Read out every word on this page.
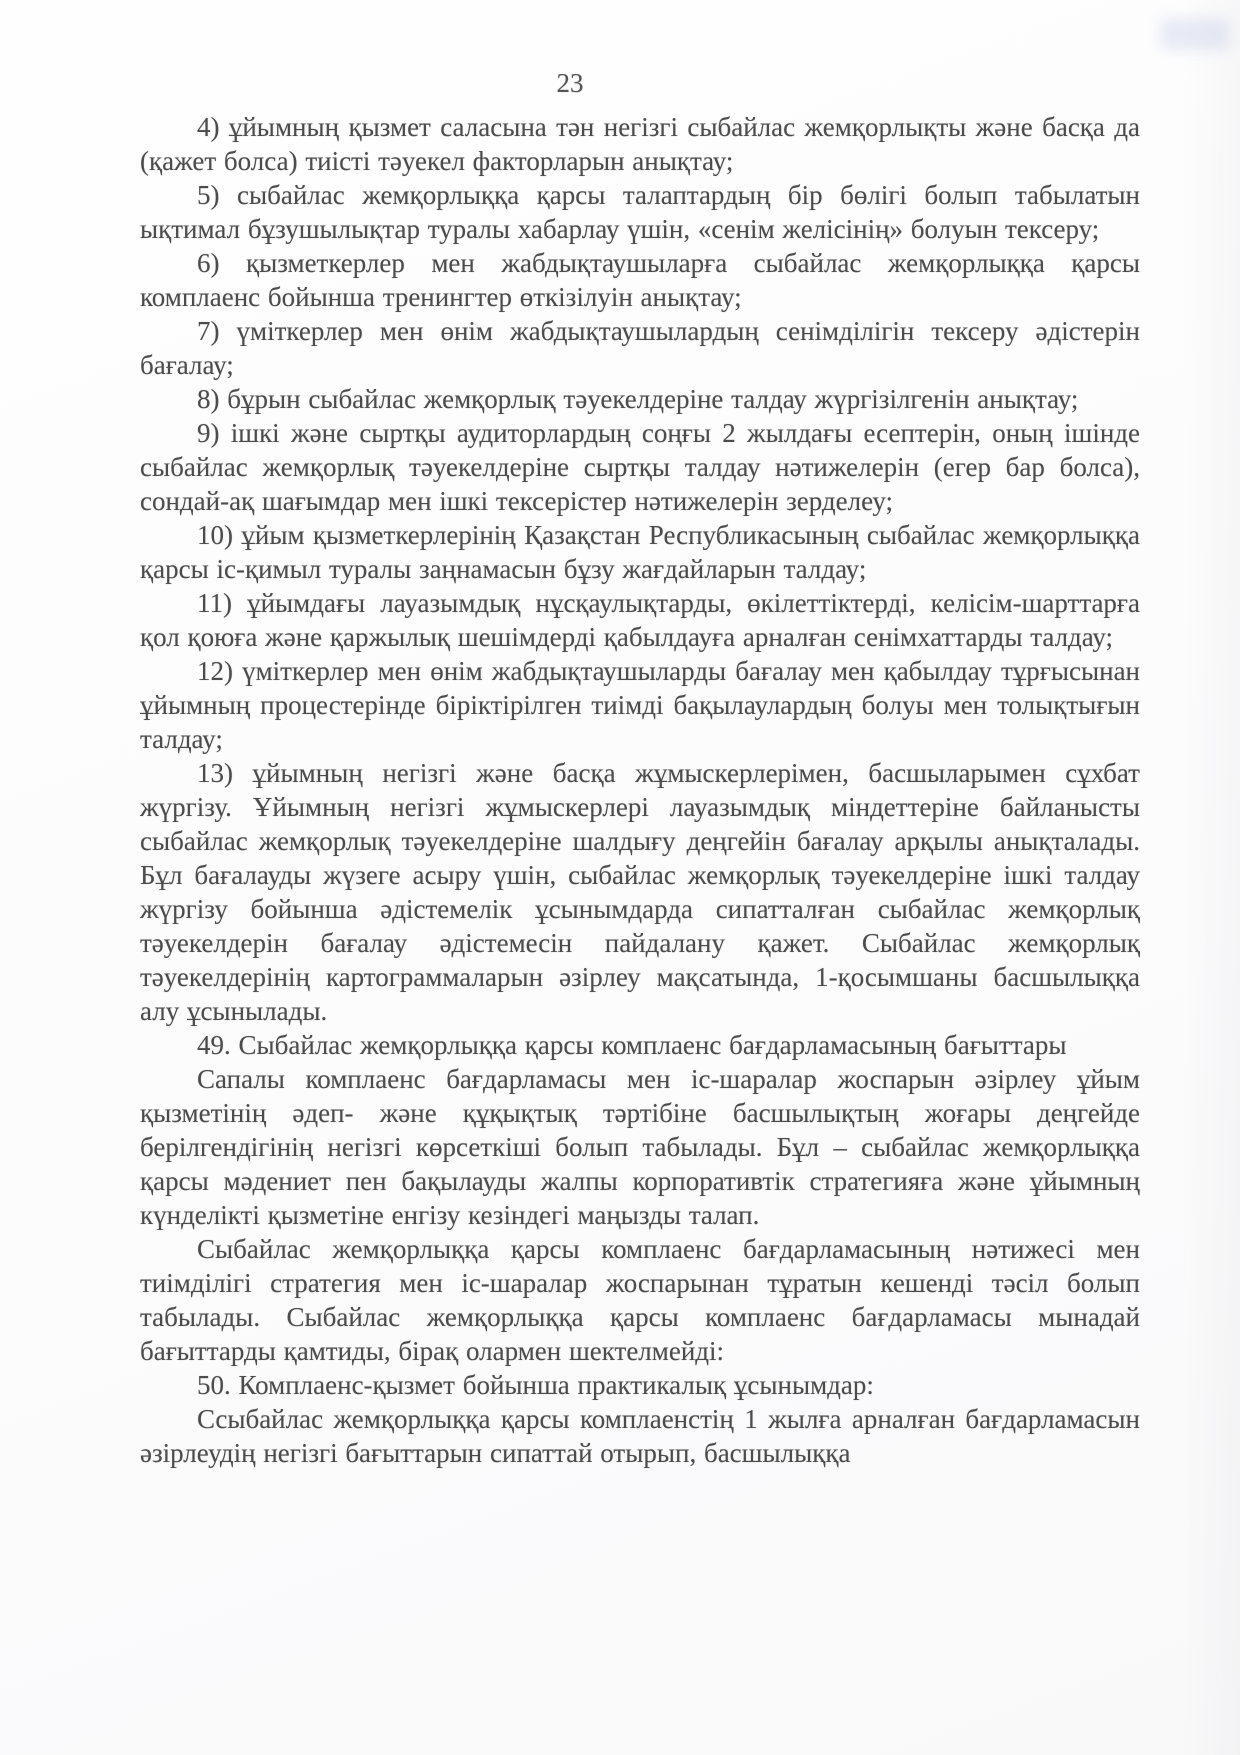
23

4) ұйымның қызмет саласына тән негізгі сыбайлас жемқорлықты және басқа да (қажет болса) тиісті тәуекел факторларын анықтау;

5) сыбайлас жемқорлыққа қарсы талаптардың бір бөлігі болып табылатын ықтимал бұзушылықтар туралы хабарлау үшін, «сенім желісінің» болуын тексеру;

6) қызметкерлер мен жабдықтаушыларға сыбайлас жемқорлыққа қарсы комплаенс бойынша тренингтер өткізілуін анықтау;

7) үміткерлер мен өнім жабдықтаушылардың сенімділігін тексеру әдістерін бағалау;

8) бұрын сыбайлас жемқорлық тәуекелдеріне талдау жүргізілгенін анықтау;

9) ішкі және сыртқы аудиторлардың соңғы 2 жылдағы есептерін, оның ішінде сыбайлас жемқорлық тәуекелдеріне сыртқы талдау нәтижелерін (егер бар болса), сондай-ақ шағымдар мен ішкі тексерістер нәтижелерін зерделеу;

10) ұйым қызметкерлерінің Қазақстан Республикасының сыбайлас жемқорлыққа қарсы іс-қимыл туралы заңнамасын бұзу жағдайларын талдау;

11) ұйымдағы лауазымдық нұсқаулықтарды, өкілеттіктерді, келісім-шарттарға қол қоюға және қаржылық шешімдерді қабылдауға арналған сенімхаттарды талдау;

12) үміткерлер мен өнім жабдықтаушыларды бағалау мен қабылдау тұрғысынан ұйымның процестерінде біріктірілген тиімді бақылаулардың болуы мен толықтығын талдау;

13) ұйымның негізгі және басқа жұмыскерлерімен, басшыларымен сұхбат жүргізу. Ұйымның негізгі жұмыскерлері лауазымдық міндеттеріне байланысты сыбайлас жемқорлық тәуекелдеріне шалдығу деңгейін бағалау арқылы анықталады. Бұл бағалауды жүзеге асыру үшін, сыбайлас жемқорлық тәуекелдеріне ішкі талдау жүргізу бойынша әдістемелік ұсынымдарда сипатталған сыбайлас жемқорлық тәуекелдерін бағалау әдістемесін пайдалану қажет. Сыбайлас жемқорлық тәуекелдерінің картограммаларын әзірлеу мақсатында, 1-қосымшаны басшылыққа алу ұсынылады.

49. Сыбайлас жемқорлыққа қарсы комплаенс бағдарламасының бағыттары

Сапалы комплаенс бағдарламасы мен іс-шаралар жоспарын әзірлеу ұйым қызметінің әдеп- және құқықтық тәртібіне басшылықтың жоғары деңгейде берілгендігінің негізгі көрсеткіші болып табылады. Бұл – сыбайлас жемқорлыққа қарсы мәдениет пен бақылауды жалпы корпоративтік стратегияға және ұйымның күнделікті қызметіне енгізу кезіндегі маңызды талап.

Сыбайлас жемқорлыққа қарсы комплаенс бағдарламасының нәтижесі мен тиімділігі стратегия мен іс-шаралар жоспарынан тұратын кешенді тәсіл болып табылады. Сыбайлас жемқорлыққа қарсы комплаенс бағдарламасы мынадай бағыттарды қамтиды, бірақ олармен шектелмейді:

50. Комплаенс-қызмет бойынша практикалық ұсынымдар:

Ссыбайлас жемқорлыққа қарсы комплаенстің 1 жылға арналған бағдарламасын әзірлеудің негізгі бағыттарын сипаттай отырып, басшылыққа
